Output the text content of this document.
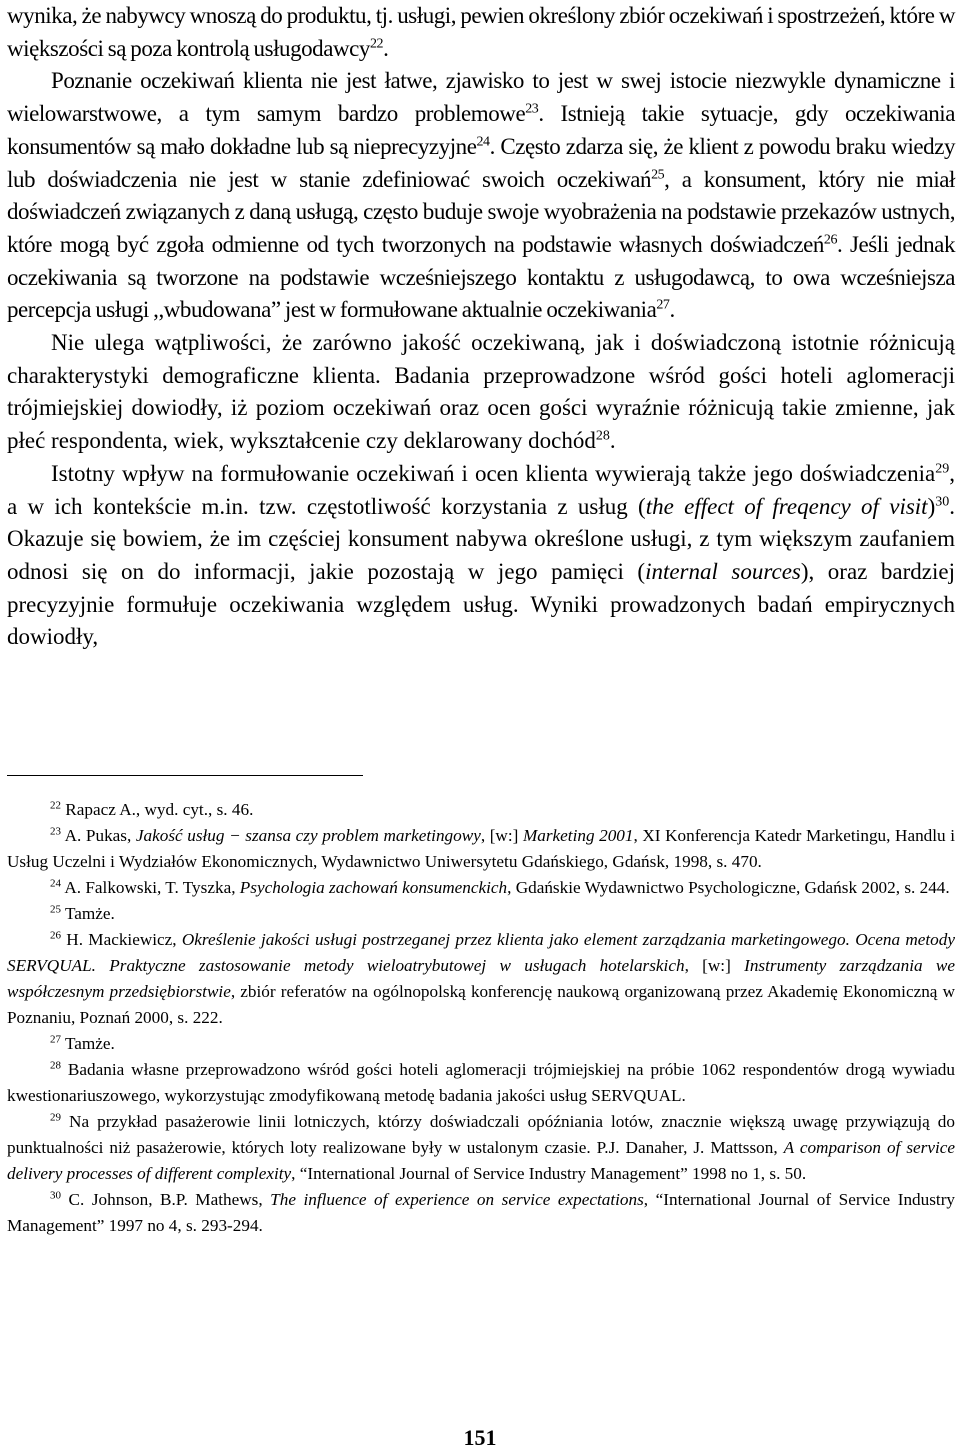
wynika, że nabywcy wnoszą do produktu, tj. usługi, pewien określony zbiór oczekiwań i spostrzeżeń, które w większości są poza kontrolą usługodawcy$^{22}$.

Poznanie oczekiwań klienta nie jest łatwe, zjawisko to jest w swej istocie niezwykle dynamiczne i wielowarstwowe, a tym samym bardzo problemowe$^{23}$. Istnieją takie sytuacje, gdy oczekiwania konsumentów są mało dokładne lub są nieprecyzyjne$^{24}$. Często zdarza się, że klient z powodu braku wiedzy lub doświadczenia nie jest w stanie zdefiniować swoich oczekiwań$^{25}$, a konsument, który nie miał doświadczeń związanych z daną usługą, często buduje swoje wyobrażenia na podstawie przekazów ustnych, które mogą być zgoła odmienne od tych tworzonych na podstawie własnych doświadczeń$^{26}$. Jeśli jednak oczekiwania są tworzone na podstawie wcześniejszego kontaktu z usługodawcą, to owa wcześniejsza percepcja usługi ,,wbudowana” jest w formułowane aktualnie oczekiwania$^{27}$.

Nie ulega wątpliwości, że zarówno jakość oczekiwaną, jak i doświadczoną istotnie różnicują charakterystyki demograficzne klienta. Badania przeprowadzone wśród gości hoteli aglomeracji trójmiejskiej dowiodły, iż poziom oczekiwań oraz ocen gości wyraźnie różnicują takie zmienne, jak płeć respondenta, wiek, wykształcenie czy deklarowany dochód$^{28}$.

Istotny wpływ na formułowanie oczekiwań i ocen klienta wywierają także jego doświadczenia$^{29}$, a w ich kontekście m.in. tzw. częstotliwość korzystania z usług (the effect of freqency of visit)$^{30}$. Okazuje się bowiem, że im częściej konsument nabywa określone usługi, z tym większym zaufaniem odnosi się on do informacji, jakie pozostają w jego pamięci (internal sources), oraz bardziej precyzyjnie formułuje oczekiwania względem usług. Wyniki prowadzonych badań empirycznych dowiodły,

$^{22}$ Rapacz A., wyd. cyt., s. 46.

$^{23}$ A. Pukas, Jakość usług − szansa czy problem marketingowy, [w:] Marketing 2001, XI Konferencja Katedr Marketingu, Handlu i Usług Uczelni i Wydziałów Ekonomicznych, Wydawnictwo Uniwersytetu Gdańskiego, Gdańsk, 1998, s. 470.

$^{24}$ A. Falkowski, T. Tyszka, Psychologia zachowań konsumenckich, Gdańskie Wydawnictwo Psychologiczne, Gdańsk 2002, s. 244.

$^{25}$ Tamże.

$^{26}$ H. Mackiewicz, Określenie jakości usługi postrzeganej przez klienta jako element zarządzania marketingowego. Ocena metody SERVQUAL. Praktyczne zastosowanie metody wieloatrybutowej w usługach hotelarskich, [w:] Instrumenty zarządzania we współczesnym przedsiębiorstwie, zbiór referatów na ogólnopolską konferencję naukową organizowaną przez Akademię Ekonomiczną w Poznaniu, Poznań 2000, s. 222.

$^{27}$ Tamże.

$^{28}$ Badania własne przeprowadzono wśród gości hoteli aglomeracji trójmiejskiej na próbie 1062 respondentów drogą wywiadu kwestionariuszowego, wykorzystując zmodyfikowaną metodę badania jakości usług SERVQUAL.

$^{29}$ Na przykład pasażerowie linii lotniczych, którzy doświadczali opóźniania lotów, znacznie większą uwagę przywiązują do punktualności niż pasażerowie, których loty realizowane były w ustalonym czasie. P.J. Danaher, J. Mattsson, A comparison of service delivery processes of different complexity, “International Journal of Service Industry Management” 1998 no 1, s. 50.

$^{30}$ C. Johnson, B.P. Mathews, The influence of experience on service expectations, “International Journal of Service Industry Management” 1997 no 4, s. 293-294.

151
